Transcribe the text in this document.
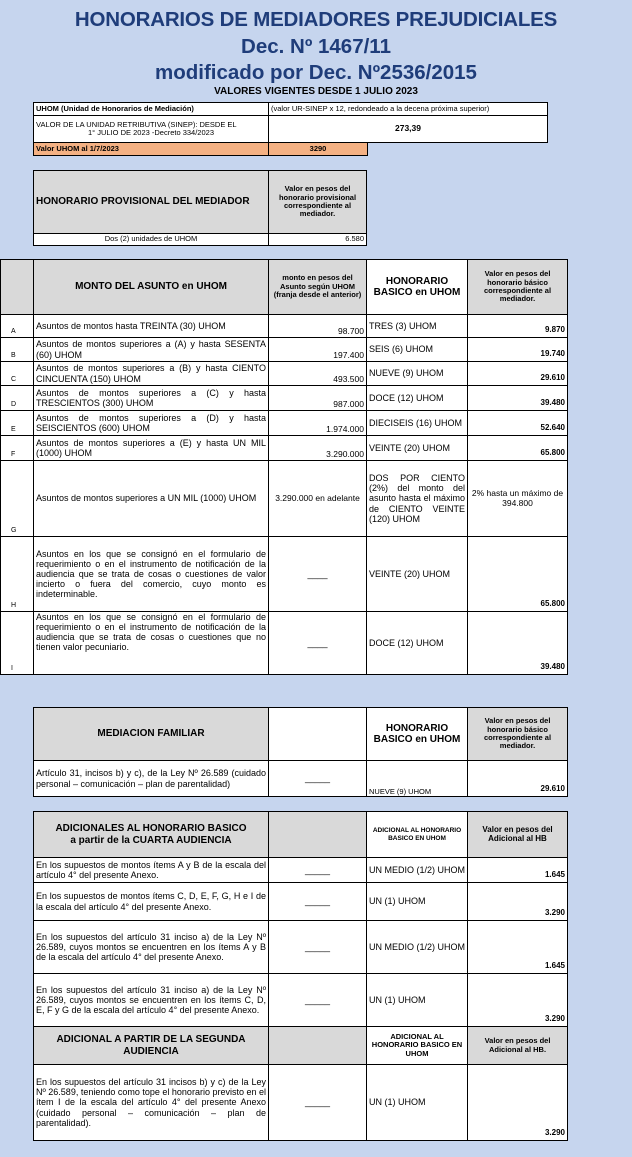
HONORARIOS DE MEDIADORES PREJUDICIALES
Dec. Nº 1467/11
modificado por Dec. Nº2536/2015
VALORES VIGENTES DESDE 1 JULIO 2023
UHOM (Unidad de Honorarios de Mediación)	(valor UR-SINEP x 12, redondeado a la decena próxima superior)	

VALOR DE LA UNIDAD RETRIBUTIVA (SINEP): DESDE EL
1° JULIO DE 2023 -Decreto 334/2023	273,39	
Valor UHOM al 1/7/2023	3290	
HONORARIO PROVISIONAL DEL MEDIADOR	Valor en pesos del honorario provisional correspondiente al mediador.
Dos (2) unidades de UHOM	6.580
	MONTO DEL ASUNTO en UHOM	monto en pesos del Asunto según UHOM (franja desde el anterior)	HONORARIO BASICO en UHOM	Valor en pesos del honorario básico correspondiente al mediador.
A	Asuntos de montos hasta TREINTA (30) UHOM	98.700	TRES (3) UHOM	9.870
B	Asuntos de montos superiores a (A) y hasta SESENTA (60) UHOM	197.400	SEIS (6) UHOM	19.740
C	Asuntos de montos superiores a (B) y hasta CIENTO CINCUENTA (150) UHOM	493.500	NUEVE (9) UHOM	29.610
D	Asuntos de montos superiores a (C) y hasta TRESCIENTOS (300) UHOM	987.000	DOCE (12) UHOM	39.480
E	Asuntos de montos superiores a (D) y hasta SEISCIENTOS (600) UHOM	1.974.000	DIECISEIS (16) UHOM	52.640
F	Asuntos de montos superiores a (E) y hasta UN MIL (1000) UHOM	3.290.000	VEINTE (20) UHOM	65.800
G	Asuntos de montos superiores a UN MIL (1000) UHOM	3.290.000 en adelante	DOS POR CIENTO (2%) del monto del asunto hasta el máximo de CIENTO VEINTE (120) UHOM	2% hasta un máximo de 394.800
H	Asuntos en los que se consignó en el formulario de requerimiento o en el instrumento de notificación de la audiencia que se trata de cosas o cuestiones de valor incierto o fuera del comercio, cuyo monto es indeterminable.	____	VEINTE (20) UHOM	65.800
I	Asuntos en los que se consignó en el formulario de requerimiento o en el instrumento de notificación de la audiencia que se trata de cosas o cuestiones que no tienen valor pecuniario.	____	DOCE (12) UHOM	39.480
MEDIACION FAMILIAR		HONORARIO BASICO en UHOM	Valor en pesos del honorario básico correspondiente al mediador.
Artículo 31, incisos b) y c), de la Ley Nº 26.589 (cuidado personal – comunicación – plan de parentalidad)	_____	NUEVE (9) UHOM	29.610
ADICIONALES AL HONORARIO BASICO
a partir de la CUARTA AUDIENCIA		ADICIONAL AL HONORARIO BASICO EN UHOM	Valor en pesos del Adicional al HB
En los supuestos de montos ítems A y B de la escala del artículo 4° del presente Anexo.	_____	UN MEDIO (1/2) UHOM	1.645
En los supuestos de montos ítems C, D, E, F, G, H e I de la escala del artículo 4° del presente Anexo.	_____	UN (1) UHOM	3.290
En los supuestos del artículo 31 inciso a) de la Ley Nº 26.589, cuyos montos se encuentren en los ítems A y B de la escala del artículo 4° del presente Anexo.	_____	UN MEDIO (1/2) UHOM	1.645
En los supuestos del artículo 31 inciso a) de la Ley Nº 26.589, cuyos montos se encuentren en los ítems C, D, E, F y G de la escala del artículo 4° del presente Anexo.	_____	UN (1) UHOM	3.290
ADICIONAL A PARTIR DE LA SEGUNDA AUDIENCIA		ADICIONAL AL HONORARIO BASICO EN UHOM	Valor en pesos del Adicional al HB.
En los supuestos del artículo 31 incisos b) y c) de la Ley Nº 26.589, teniendo como tope el honorario previsto en el ítem I de la escala del artículo 4° del presente Anexo (cuidado personal – comunicación – plan de parentalidad).	_____	UN (1) UHOM	3.290
